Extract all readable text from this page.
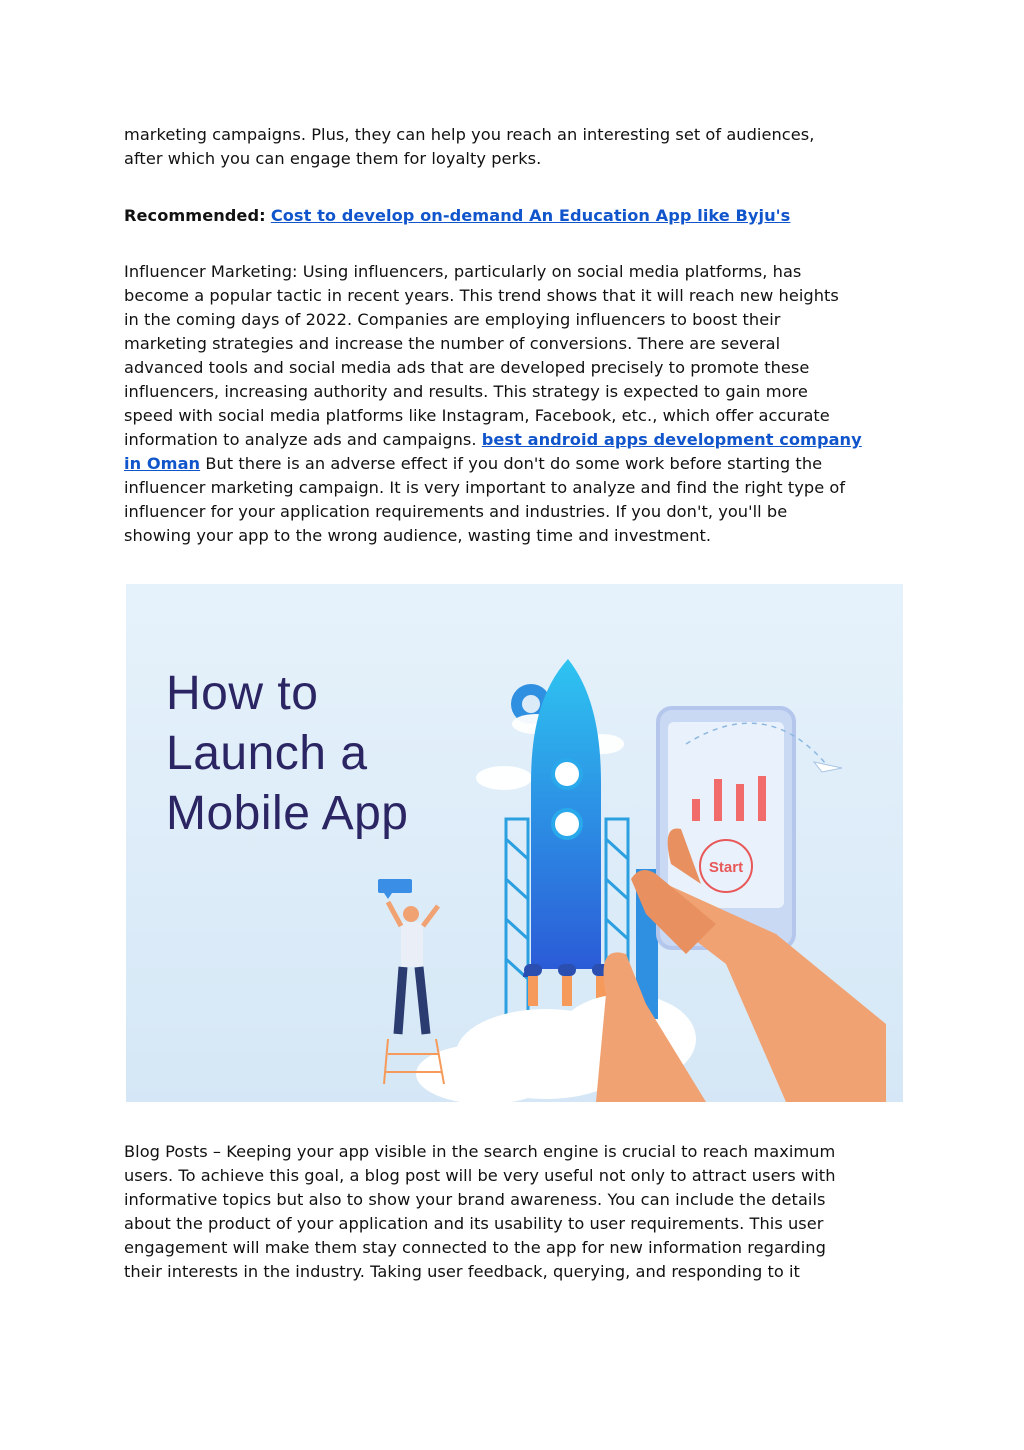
marketing campaigns. Plus, they can help you reach an interesting set of audiences,
after which you can engage them for loyalty perks.

Recommended: Cost to develop on-demand An Education App like Byju's

Influencer Marketing: Using influencers, particularly on social media platforms, has
become a popular tactic in recent years. This trend shows that it will reach new heights
in the coming days of 2022. Companies are employing influencers to boost their
marketing strategies and increase the number of conversions. There are several
advanced tools and social media ads that are developed precisely to promote these
influencers, increasing authority and results. This strategy is expected to gain more
speed with social media platforms like Instagram, Facebook, etc., which offer accurate
information to analyze ads and campaigns. best android apps development company
in Oman But there is an adverse effect if you don't do some work before starting the
influencer marketing campaign. It is very important to analyze and find the right type of
influencer for your application requirements and industries. If you don't, you'll be
showing your app to the wrong audience, wasting time and investment.

Start
How to
Launch a
Mobile App

Blog Posts – Keeping your app visible in the search engine is crucial to reach maximum
users. To achieve this goal, a blog post will be very useful not only to attract users with
informative topics but also to show your brand awareness. You can include the details
about the product of your application and its usability to user requirements. This user
engagement will make them stay connected to the app for new information regarding
their interests in the industry. Taking user feedback, querying, and responding to it
